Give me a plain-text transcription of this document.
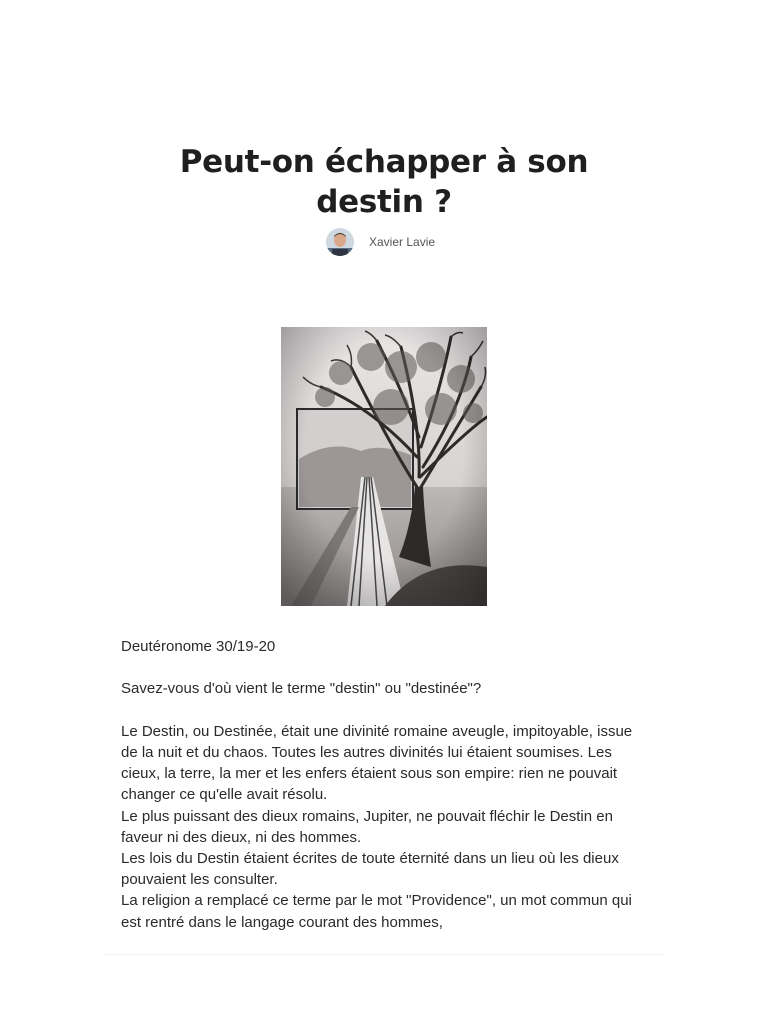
Peut-on échapper à son destin ?
Xavier Lavie

Deutéronome 30/19-20

Savez-vous d'où vient le terme "destin" ou "destinée"?

Le Destin, ou Destinée, était une divinité romaine aveugle, impitoyable, issue de la nuit et du chaos. Toutes les autres divinités lui étaient soumises. Les cieux, la terre, la mer et les enfers étaient sous son empire: rien ne pouvait changer ce qu'elle avait résolu.

Le plus puissant des dieux romains, Jupiter, ne pouvait fléchir le Destin en faveur ni des dieux, ni des hommes.

Les lois du Destin étaient écrites de toute éternité dans un lieu où les dieux pouvaient les consulter.

La religion a remplacé ce terme par le mot "Providence", un mot commun qui est rentré dans le langage courant des hommes,
